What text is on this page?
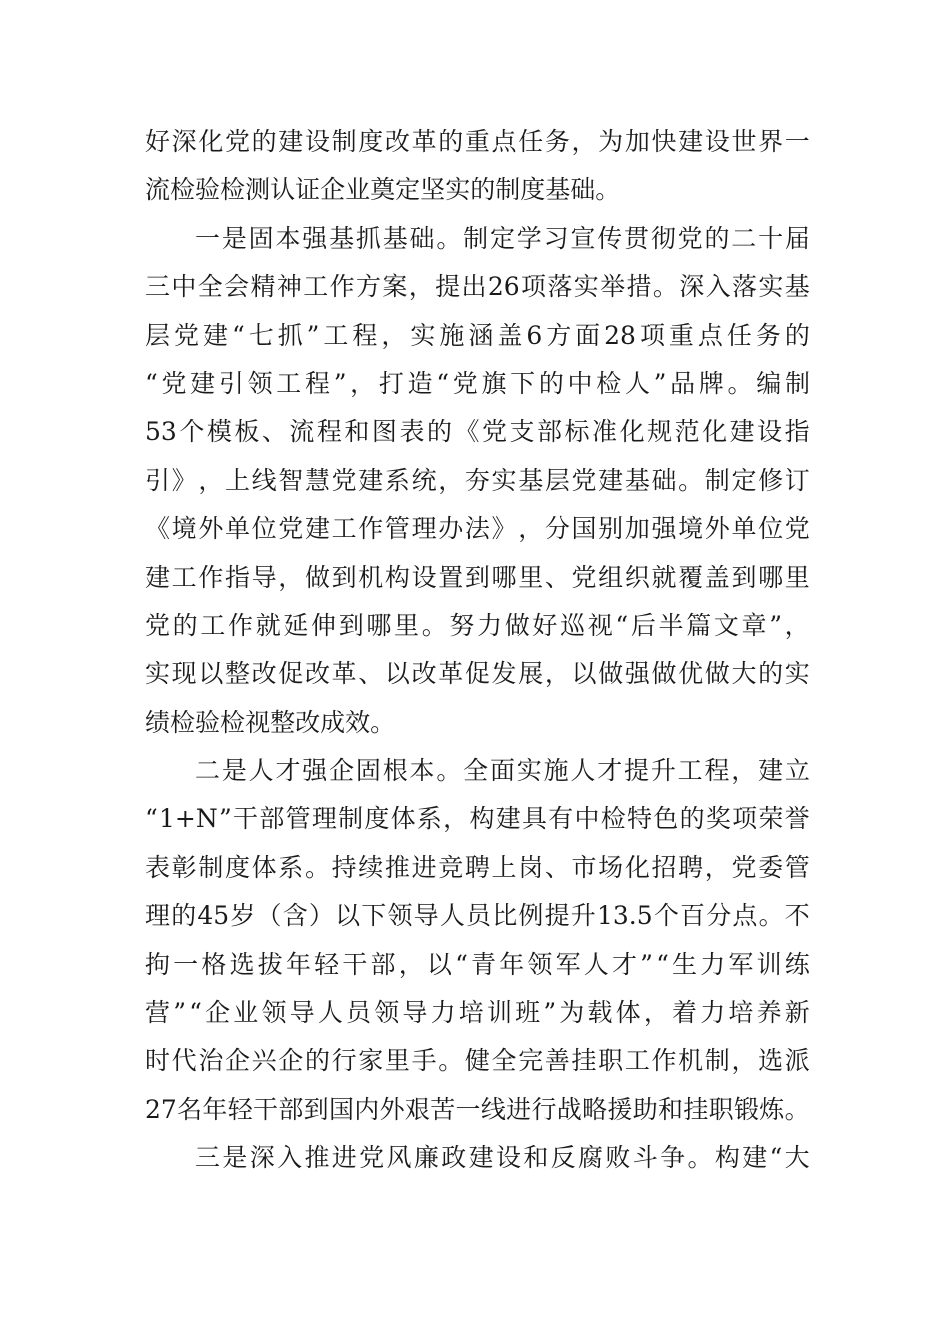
好 深 化 党 的 建 设 制 度 改 革 的 重 点 任 务 ， 为 加 快 建 设 世 界 一
流 检 验 检 测 认 证 企 业 奠 定 坚 实 的 制 度 基 础 。
一 是 固 本 强 基 抓 基 础 。 制 定 学 习 宣 传 贯 彻 党 的 二 十 届
三 中 全 会 精 神 工 作 方 案 ， 提 出 26 项 落 实 举 措 。 深 入 落 实 基
层 党 建 “ 七 抓 ” 工 程 ， 实 施 涵 盖 6 方 面 28 项 重 点 任 务 的
“ 党 建 引 领 工 程 ” ， 打 造 “ 党 旗 下 的 中 检 人 ” 品 牌 。 编 制
53 个 模 板 、 流 程 和 图 表 的 《 党 支 部 标 准 化 规 范 化 建 设 指
引 》 ， 上 线 智 慧 党 建 系 统 ， 夯 实 基 层 党 建 基 础 。 制 定 修 订
《 境 外 单 位 党 建 工 作 管 理 办 法 》 ， 分 国 别 加 强 境 外 单 位 党
建 工 作 指 导 ， 做 到 机 构 设 置 到 哪 里 、 党 组 织 就 覆 盖 到 哪 里
党 的 工 作 就 延 伸 到 哪 里 。 努 力 做 好 巡 视 “ 后 半 篇 文 章 ” ，
实 现 以 整 改 促 改 革 、 以 改 革 促 发 展 ， 以 做 强 做 优 做 大 的 实
绩 检 验 检 视 整 改 成 效 。
二 是 人 才 强 企 固 根 本 。 全 面 实 施 人 才 提 升 工 程 ， 建 立
“ 1+N ” 干 部 管 理 制 度 体 系 ， 构 建 具 有 中 检 特 色 的 奖 项 荣 誉
表 彰 制 度 体 系 。 持 续 推 进 竞 聘 上 岗 、 市 场 化 招 聘 ， 党 委 管
理 的 45 岁 （ 含 ） 以 下 领 导 人 员 比 例 提 升 13.5 个 百 分 点 。 不
拘 一 格 选 拔 年 轻 干 部 ， 以 “ 青 年 领 军 人 才 ” “ 生 力 军 训 练
营 ” “ 企 业 领 导 人 员 领 导 力 培 训 班 ” 为 载 体 ， 着 力 培 养 新
时 代 治 企 兴 企 的 行 家 里 手 。 健 全 完 善 挂 职 工 作 机 制 ， 选 派
27 名 年 轻 干 部 到 国 内 外 艰 苦 一 线 进 行 战 略 援 助 和 挂 职 锻 炼 。
三 是 深 入 推 进 党 风 廉 政 建 设 和 反 腐 败 斗 争 。 构 建 “ 大
